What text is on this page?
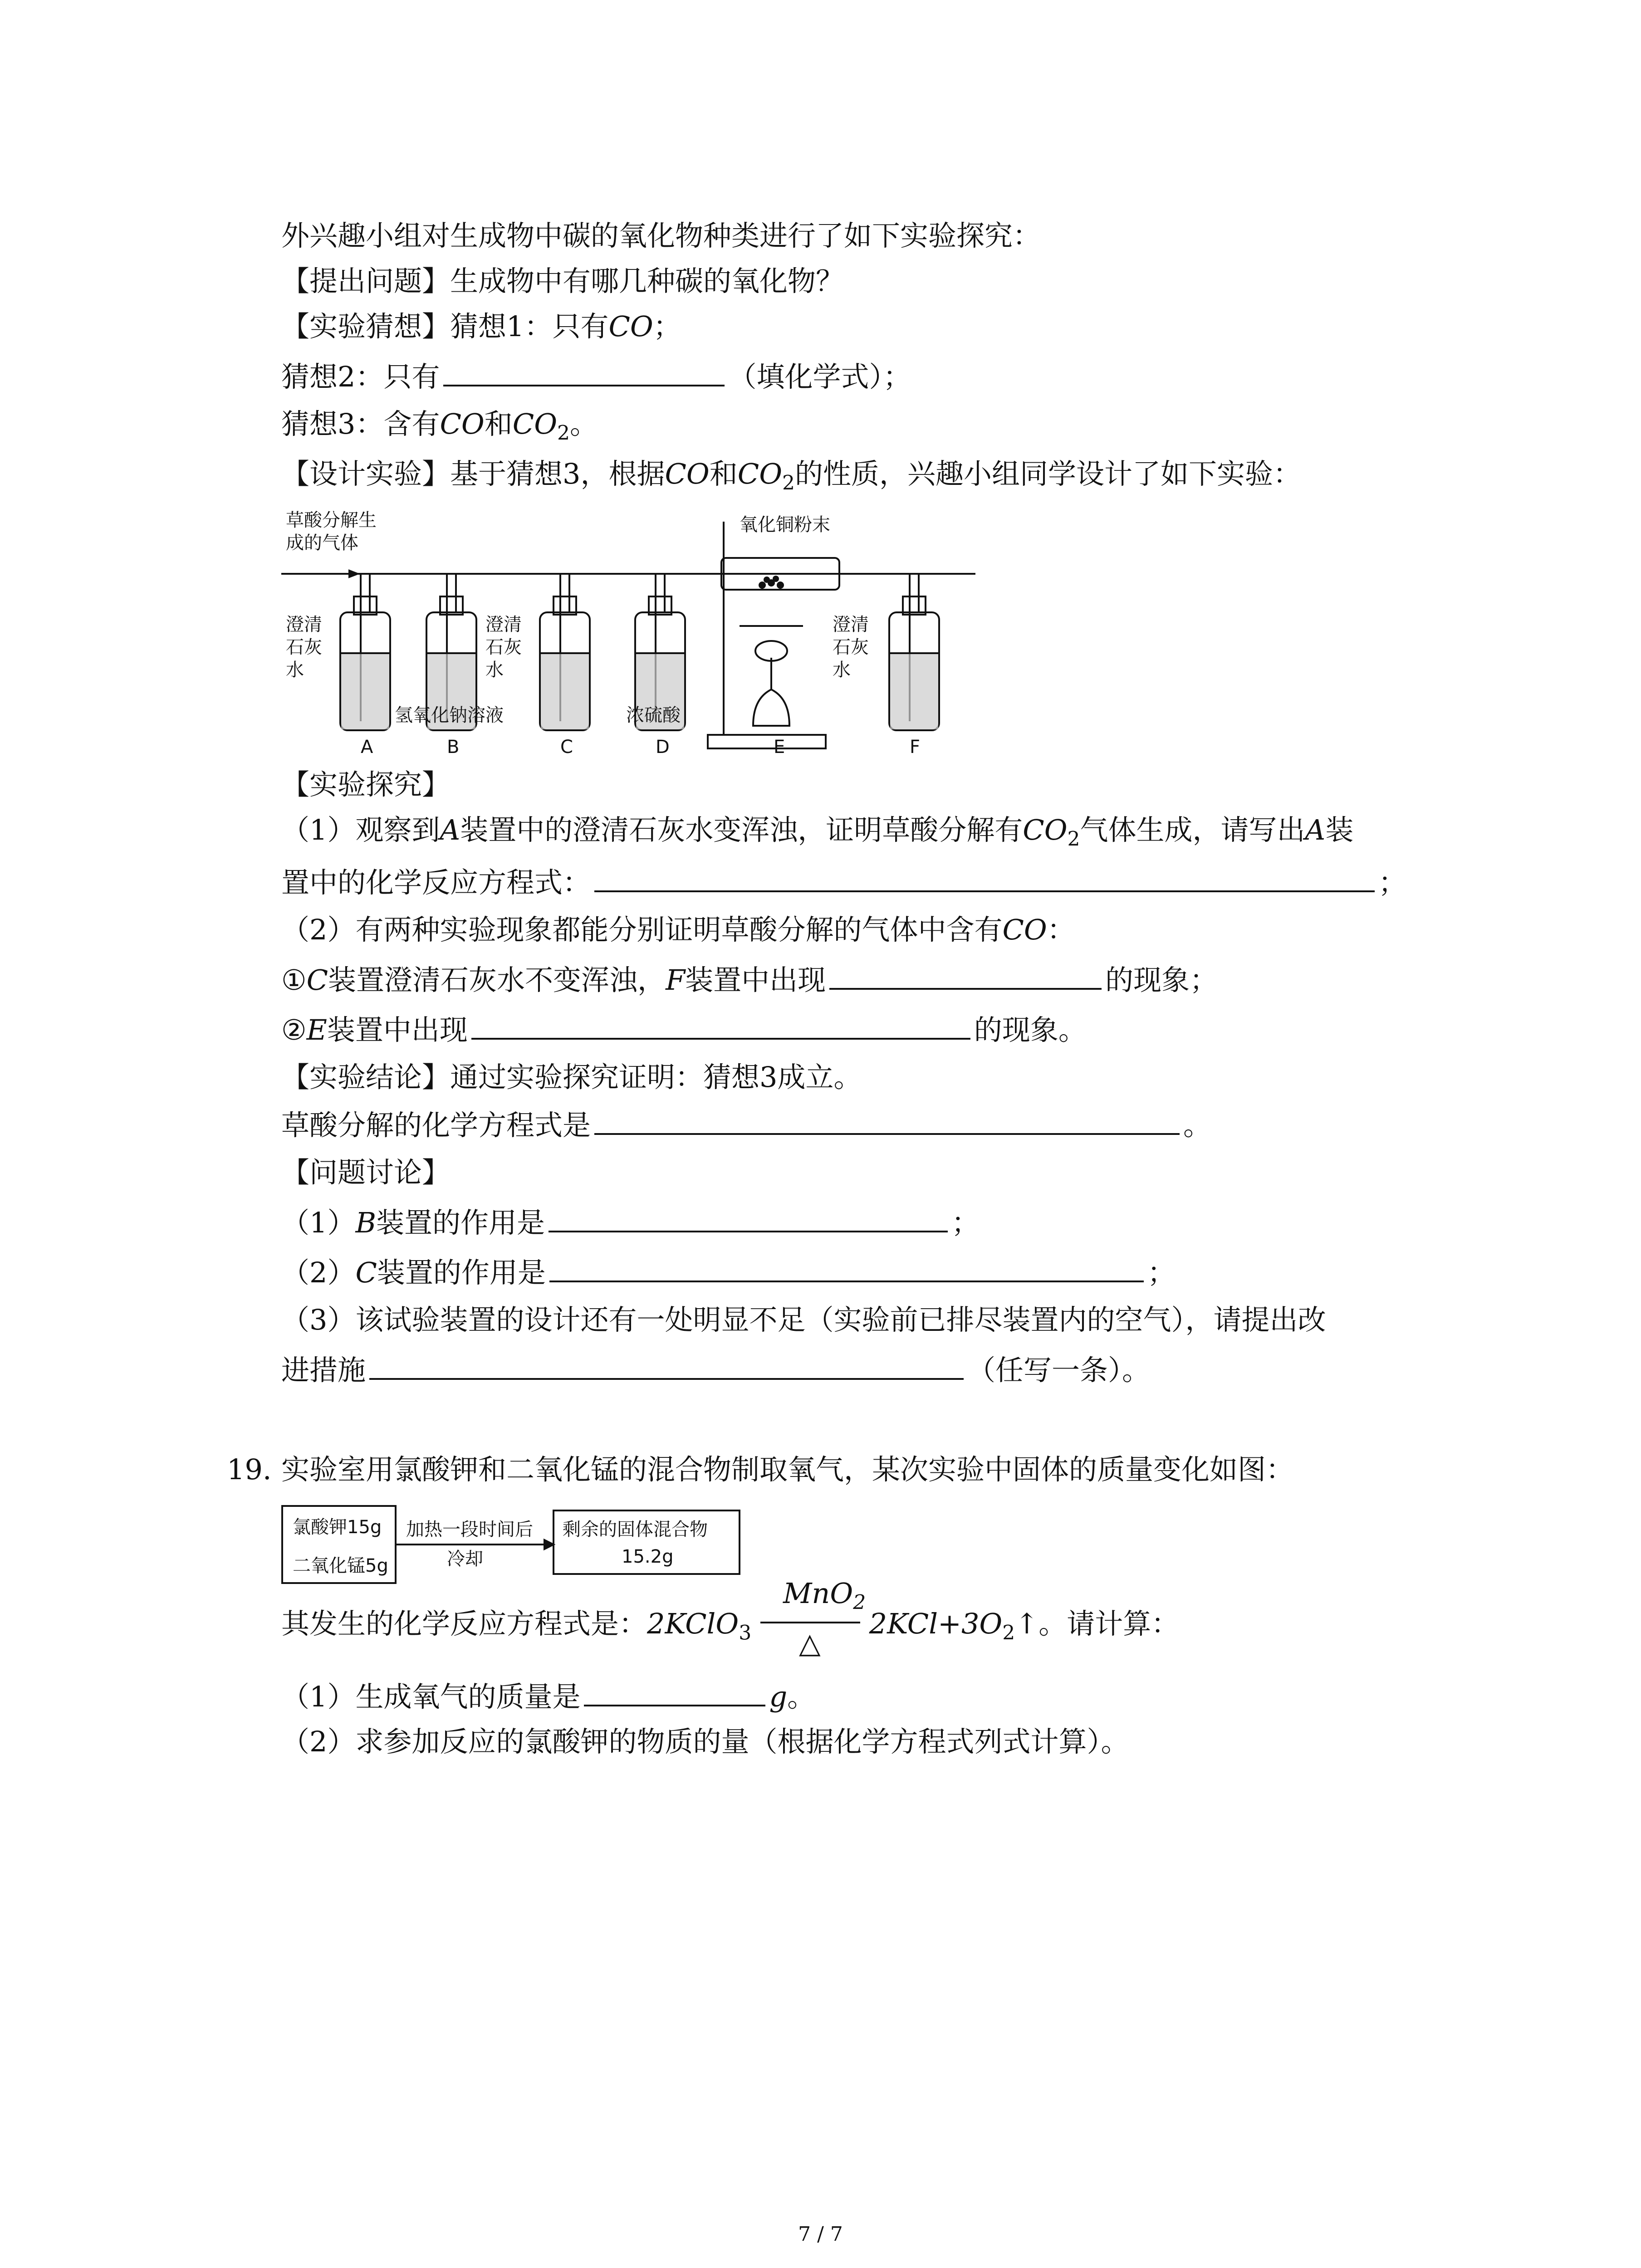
外兴趣小组对生成物中碳的氧化物种类进行了如下实验探究：
【提出问题】生成物中有哪几种碳的氧化物？
【实验猜想】猜想1：只有CO；
猜想2：只有	（填化学式）；
猜想3：含有CO和$CO_2$。
【设计实验】基于猜想3，根据CO和$CO_2$的性质，兴趣小组同学设计了如下实验：
草酸分解生
成的气体
氧化铜粉末
澄清
石灰
水
澄清
石灰
水
澄清
石灰
水
氢氧化钠溶液	浓硫酸
A	B	C	D	E	F
【实验探究】
（1）观察到A装置中的澄清石灰水变浑浊，证明草酸分解有$CO_2$气体生成，请写出A装
置中的化学反应方程式：	；
（2）有两种实验现象都能分别证明草酸分解的气体中含有CO：
①C装置澄清石灰水不变浑浊，F装置中出现	的现象；
②E装置中出现	的现象。
【实验结论】通过实验探究证明：猜想3成立。
草酸分解的化学方程式是	。
【问题讨论】
（1）B装置的作用是	；
（2）C装置的作用是	；
（3）该试验装置的设计还有一处明显不足（实验前已排尽装置内的空气），请提出改
进措施	（任写一条）。
19. 实验室用氯酸钾和二氧化锰的混合物制取氧气，某次实验中固体的质量变化如图：
氯酸钾15g
二氧化锰5g
加热一段时间后
冷却
剩余的固体混合物
15.2g
其发生的化学反应方程式是：2KClO$_3$
MnO$_2$
△
$2KCl+3O_2↑$。请计算：
（1）生成氧气的质量是	g。
（2）求参加反应的氯酸钾的物质的量（根据化学方程式列式计算）。
7 / 7
